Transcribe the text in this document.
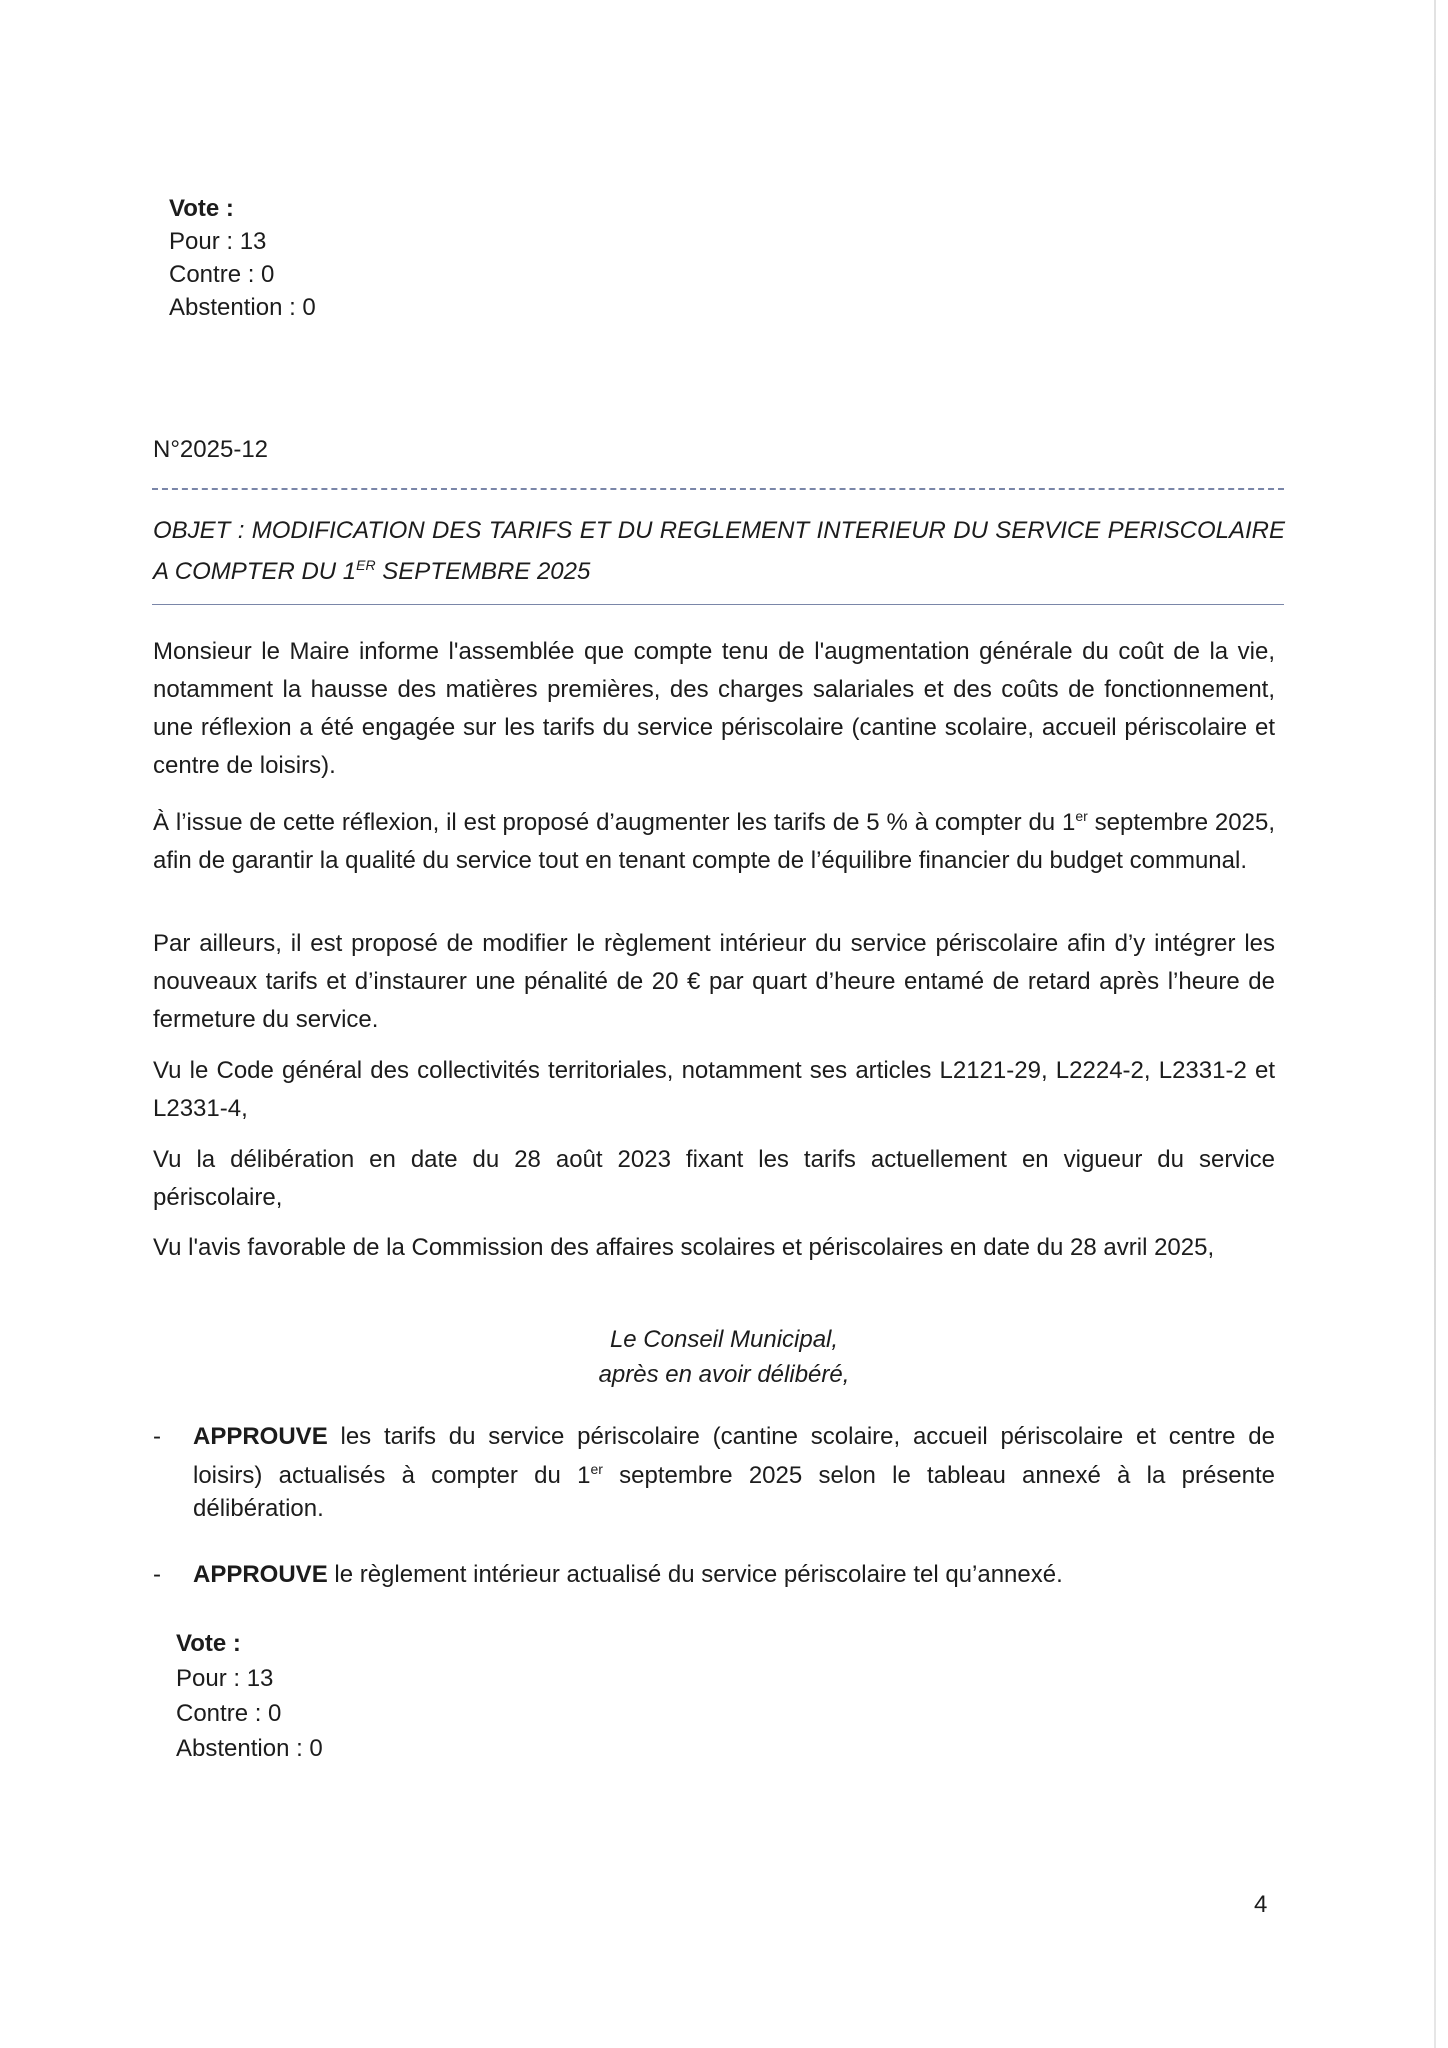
Vote :
Pour : 13
Contre : 0
Abstention : 0
N°2025-12
OBJET : MODIFICATION DES TARIFS ET DU REGLEMENT INTERIEUR DU SERVICE PERISCOLAIRE A COMPTER DU 1ER SEPTEMBRE 2025

Monsieur le Maire informe l'assemblée que compte tenu de l'augmentation générale du coût de la vie, notamment la hausse des matières premières, des charges salariales et des coûts de fonctionnement, une réflexion a été engagée sur les tarifs du service périscolaire (cantine scolaire, accueil périscolaire et centre de loisirs).

À l’issue de cette réflexion, il est proposé d’augmenter les tarifs de 5 % à compter du 1er septembre 2025, afin de garantir la qualité du service tout en tenant compte de l’équilibre financier du budget communal.

Par ailleurs, il est proposé de modifier le règlement intérieur du service périscolaire afin d’y intégrer les nouveaux tarifs et d’instaurer une pénalité de 20 € par quart d’heure entamé de retard après l’heure de fermeture du service.

Vu le Code général des collectivités territoriales, notamment ses articles L2121-29, L2224-2, L2331-2 et L2331-4,

Vu la délibération en date du 28 août 2023 fixant les tarifs actuellement en vigueur du service périscolaire,

Vu l'avis favorable de la Commission des affaires scolaires et périscolaires en date du 28 avril 2025,

Le Conseil Municipal,
après en avoir délibéré,
- APPROUVE les tarifs du service périscolaire (cantine scolaire, accueil périscolaire et centre de loisirs) actualisés à compter du 1er septembre 2025 selon le tableau annexé à la présente délibération.
- APPROUVE le règlement intérieur actualisé du service périscolaire tel qu’annexé.
Vote :
Pour : 13
Contre : 0
Abstention : 0
4
